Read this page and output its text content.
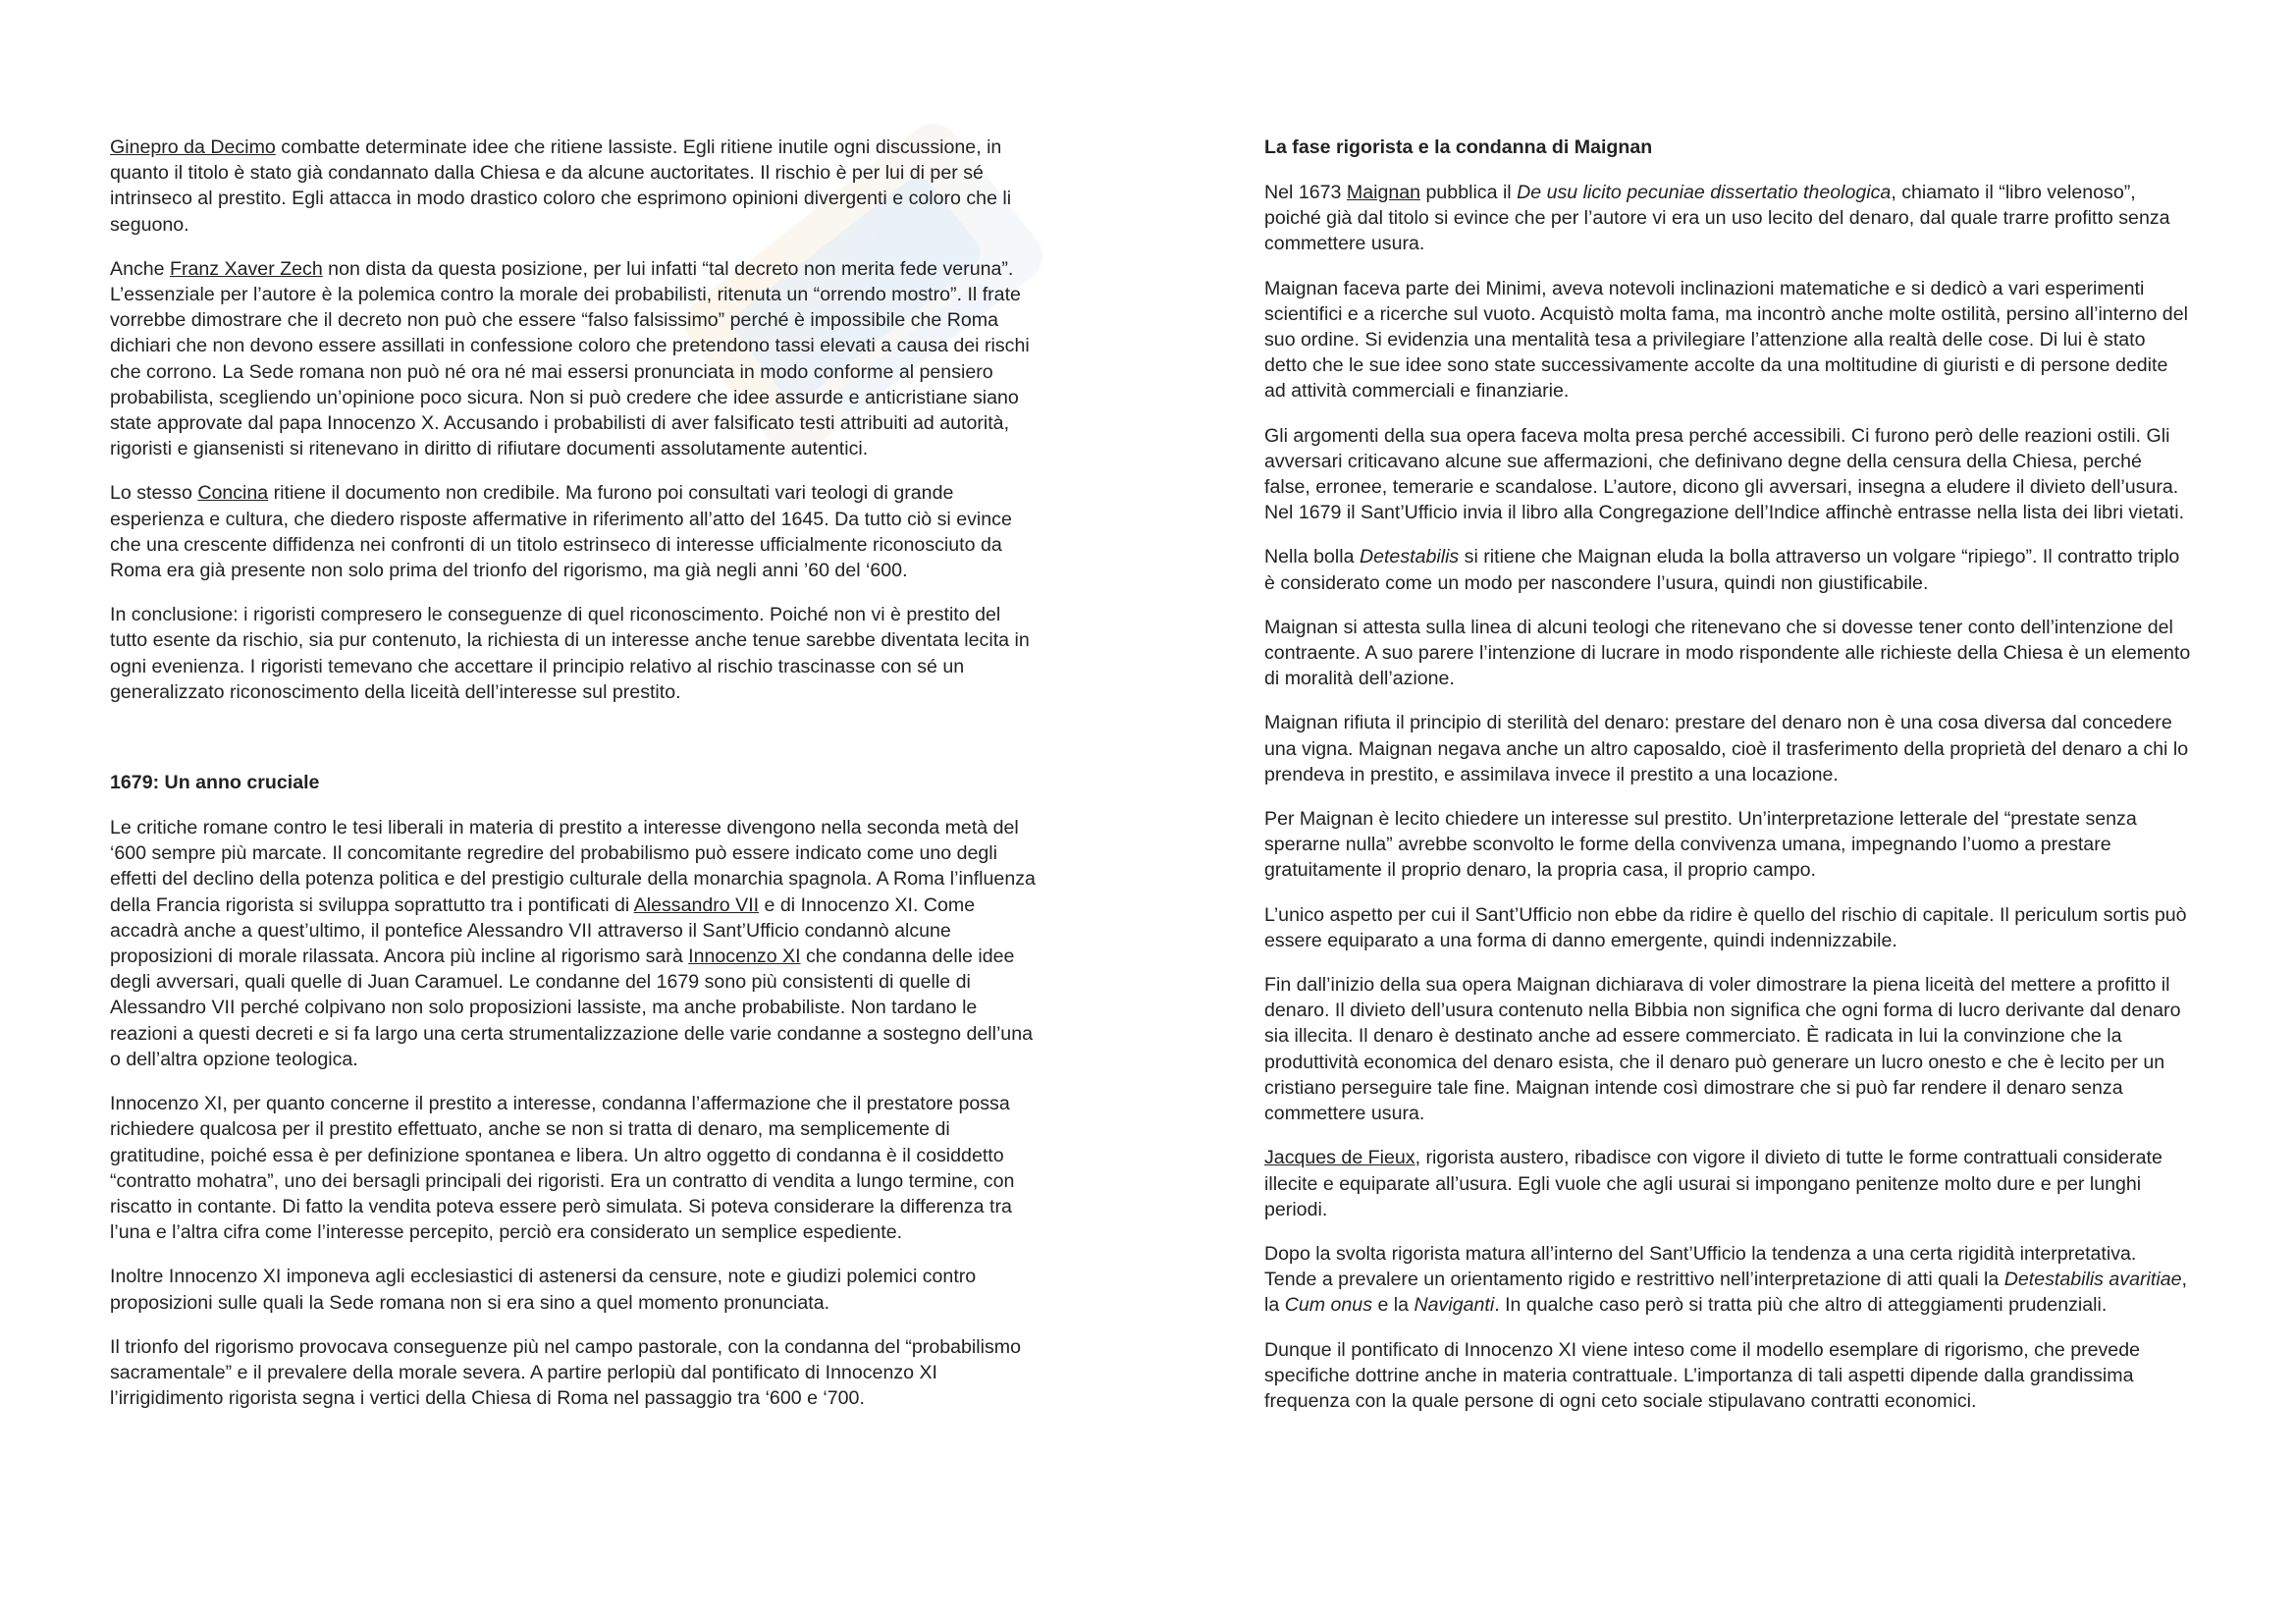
Ginepro da Decimo combatte determinate idee che ritiene lassiste. Egli ritiene inutile ogni discussione, in quanto il titolo è stato già condannato dalla Chiesa e da alcune auctoritates. Il rischio è per lui di per sé intrinseco al prestito. Egli attacca in modo drastico coloro che esprimono opinioni divergenti e coloro che li seguono.

Anche Franz Xaver Zech non dista da questa posizione, per lui infatti “tal decreto non merita fede veruna”. L’essenziale per l’autore è la polemica contro la morale dei probabilisti, ritenuta un “orrendo mostro”. Il frate vorrebbe dimostrare che il decreto non può che essere “falso falsissimo” perché è impossibile che Roma dichiari che non devono essere assillati in confessione coloro che pretendono tassi elevati a causa dei rischi che corrono. La Sede romana non può né ora né mai essersi pronunciata in modo conforme al pensiero probabilista, scegliendo un’opinione poco sicura. Non si può credere che idee assurde e anticristiane siano state approvate dal papa Innocenzo X. Accusando i probabilisti di aver falsificato testi attribuiti ad autorità, rigoristi e giansenisti si ritenevano in diritto di rifiutare documenti assolutamente autentici.

Lo stesso Concina ritiene il documento non credibile. Ma furono poi consultati vari teologi di grande esperienza e cultura, che diedero risposte affermative in riferimento all’atto del 1645. Da tutto ciò si evince che una crescente diffidenza nei confronti di un titolo estrinseco di interesse ufficialmente riconosciuto da Roma era già presente non solo prima del trionfo del rigorismo, ma già negli anni ’60 del ‘600.

In conclusione: i rigoristi compresero le conseguenze di quel riconoscimento. Poiché non vi è prestito del tutto esente da rischio, sia pur contenuto, la richiesta di un interesse anche tenue sarebbe diventata lecita in ogni evenienza. I rigoristi temevano che accettare il principio relativo al rischio trascinasse con sé un generalizzato riconoscimento della liceità dell’interesse sul prestito.

1679: Un anno cruciale

Le critiche romane contro le tesi liberali in materia di prestito a interesse divengono nella seconda metà del ‘600 sempre più marcate. Il concomitante regredire del probabilismo può essere indicato come uno degli effetti del declino della potenza politica e del prestigio culturale della monarchia spagnola. A Roma l’influenza della Francia rigorista si sviluppa soprattutto tra i pontificati di Alessandro VII e di Innocenzo XI. Come accadrà anche a quest’ultimo, il pontefice Alessandro VII attraverso il Sant’Ufficio condannò alcune proposizioni di morale rilassata. Ancora più incline al rigorismo sarà Innocenzo XI che condanna delle idee degli avversari, quali quelle di Juan Caramuel. Le condanne del 1679 sono più consistenti di quelle di Alessandro VII perché colpivano non solo proposizioni lassiste, ma anche probabiliste. Non tardano le reazioni a questi decreti e si fa largo una certa strumentalizzazione delle varie condanne a sostegno dell’una o dell’altra opzione teologica.

Innocenzo XI, per quanto concerne il prestito a interesse, condanna l’affermazione che il prestatore possa richiedere qualcosa per il prestito effettuato, anche se non si tratta di denaro, ma semplicemente di gratitudine, poiché essa è per definizione spontanea e libera. Un altro oggetto di condanna è il cosiddetto “contratto mohatra”, uno dei bersagli principali dei rigoristi. Era un contratto di vendita a lungo termine, con riscatto in contante. Di fatto la vendita poteva essere però simulata. Si poteva considerare la differenza tra l’una e l’altra cifra come l’interesse percepito, perciò era considerato un semplice espediente.

Inoltre Innocenzo XI imponeva agli ecclesiastici di astenersi da censure, note e giudizi polemici contro proposizioni sulle quali la Sede romana non si era sino a quel momento pronunciata.

Il trionfo del rigorismo provocava conseguenze più nel campo pastorale, con la condanna del “probabilismo sacramentale” e il prevalere della morale severa. A partire perlopiù dal pontificato di Innocenzo XI l’irrigidimento rigorista segna i vertici della Chiesa di Roma nel passaggio tra ‘600 e ‘700.

La fase rigorista e la condanna di Maignan

Nel 1673 Maignan pubblica il De usu licito pecuniae dissertatio theologica, chiamato il “libro velenoso”, poiché già dal titolo si evince che per l’autore vi era un uso lecito del denaro, dal quale trarre profitto senza commettere usura.

Maignan faceva parte dei Minimi, aveva notevoli inclinazioni matematiche e si dedicò a vari esperimenti scientifici e a ricerche sul vuoto. Acquistò molta fama, ma incontrò anche molte ostilità, persino all’interno del suo ordine. Si evidenzia una mentalità tesa a privilegiare l’attenzione alla realtà delle cose. Di lui è stato detto che le sue idee sono state successivamente accolte da una moltitudine di giuristi e di persone dedite ad attività commerciali e finanziarie.

Gli argomenti della sua opera faceva molta presa perché accessibili. Ci furono però delle reazioni ostili. Gli avversari criticavano alcune sue affermazioni, che definivano degne della censura della Chiesa, perché false, erronee, temerarie e scandalose. L’autore, dicono gli avversari, insegna a eludere il divieto dell’usura. Nel 1679 il Sant’Ufficio invia il libro alla Congregazione dell’Indice affinchè entrasse nella lista dei libri vietati.

Nella bolla Detestabilis si ritiene che Maignan eluda la bolla attraverso un volgare “ripiego”. Il contratto triplo è considerato come un modo per nascondere l’usura, quindi non giustificabile.

Maignan si attesta sulla linea di alcuni teologi che ritenevano che si dovesse tener conto dell’intenzione del contraente. A suo parere l’intenzione di lucrare in modo rispondente alle richieste della Chiesa è un elemento di moralità dell’azione.

Maignan rifiuta il principio di sterilità del denaro: prestare del denaro non è una cosa diversa dal concedere una vigna. Maignan negava anche un altro caposaldo, cioè il trasferimento della proprietà del denaro a chi lo prendeva in prestito, e assimilava invece il prestito a una locazione.

Per Maignan è lecito chiedere un interesse sul prestito. Un’interpretazione letterale del “prestate senza sperarne nulla” avrebbe sconvolto le forme della convivenza umana, impegnando l’uomo a prestare gratuitamente il proprio denaro, la propria casa, il proprio campo.

L’unico aspetto per cui il Sant’Ufficio non ebbe da ridire è quello del rischio di capitale. Il periculum sortis può essere equiparato a una forma di danno emergente, quindi indennizzabile.

Fin dall’inizio della sua opera Maignan dichiarava di voler dimostrare la piena liceità del mettere a profitto il denaro. Il divieto dell’usura contenuto nella Bibbia non significa che ogni forma di lucro derivante dal denaro sia illecita. Il denaro è destinato anche ad essere commerciato. È radicata in lui la convinzione che la produttività economica del denaro esista, che il denaro può generare un lucro onesto e che è lecito per un cristiano perseguire tale fine. Maignan intende così dimostrare che si può far rendere il denaro senza commettere usura.

Jacques de Fieux, rigorista austero, ribadisce con vigore il divieto di tutte le forme contrattuali considerate illecite e equiparate all’usura. Egli vuole che agli usurai si impongano penitenze molto dure e per lunghi periodi.

Dopo la svolta rigorista matura all’interno del Sant’Ufficio la tendenza a una certa rigidità interpretativa. Tende a prevalere un orientamento rigido e restrittivo nell’interpretazione di atti quali la Detestabilis avaritiae, la Cum onus e la Naviganti. In qualche caso però si tratta più che altro di atteggiamenti prudenziali.

Dunque il pontificato di Innocenzo XI viene inteso come il modello esemplare di rigorismo, che prevede specifiche dottrine anche in materia contrattuale. L’importanza di tali aspetti dipende dalla grandissima frequenza con la quale persone di ogni ceto sociale stipulavano contratti economici.
